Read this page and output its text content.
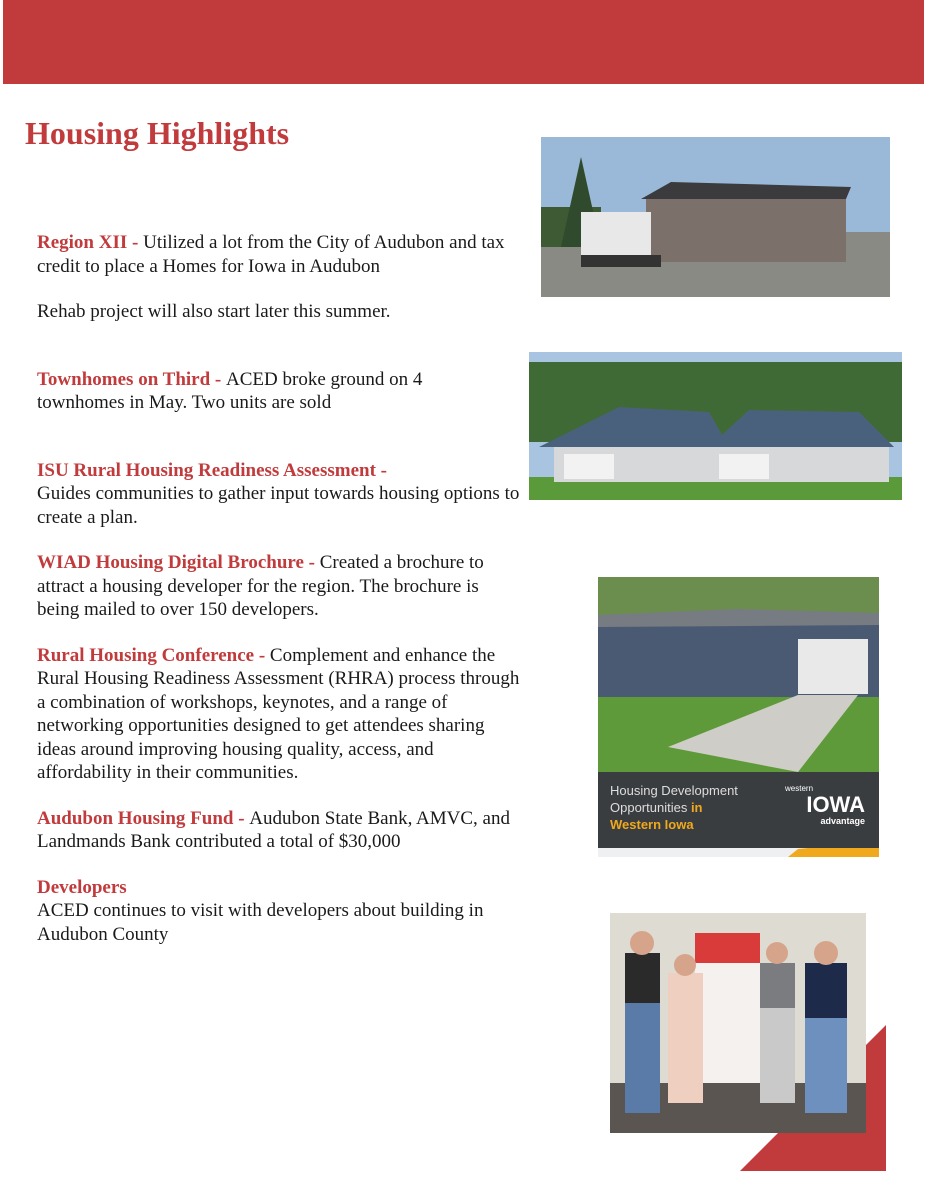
Housing Highlights
Region XII - Utilized a lot from the City of Audubon and tax credit to place a Homes for Iowa in Audubon
Rehab project will also start later this summer.
Townhomes on Third - ACED broke ground on 4 townhomes in May. Two units are sold
ISU Rural Housing Readiness Assessment -
Guides communities to gather input towards housing options to create a plan.
WIAD Housing Digital Brochure - Created a brochure to attract a housing developer for the region. The brochure is being mailed to over 150 developers.
Rural Housing Conference - Complement and enhance the Rural Housing Readiness Assessment (RHRA) process through a combination of workshops, keynotes, and a range of networking opportunities designed to get attendees sharing ideas around improving housing quality, access, and affordability in their communities.
Audubon Housing Fund - Audubon State Bank, AMVC, and Landmands Bank contributed a total of $30,000
Developers
ACED continues to visit with developers about building in Audubon County
Housing Development
Opportunities in
Western Iowa
western
IOWA
advantage
